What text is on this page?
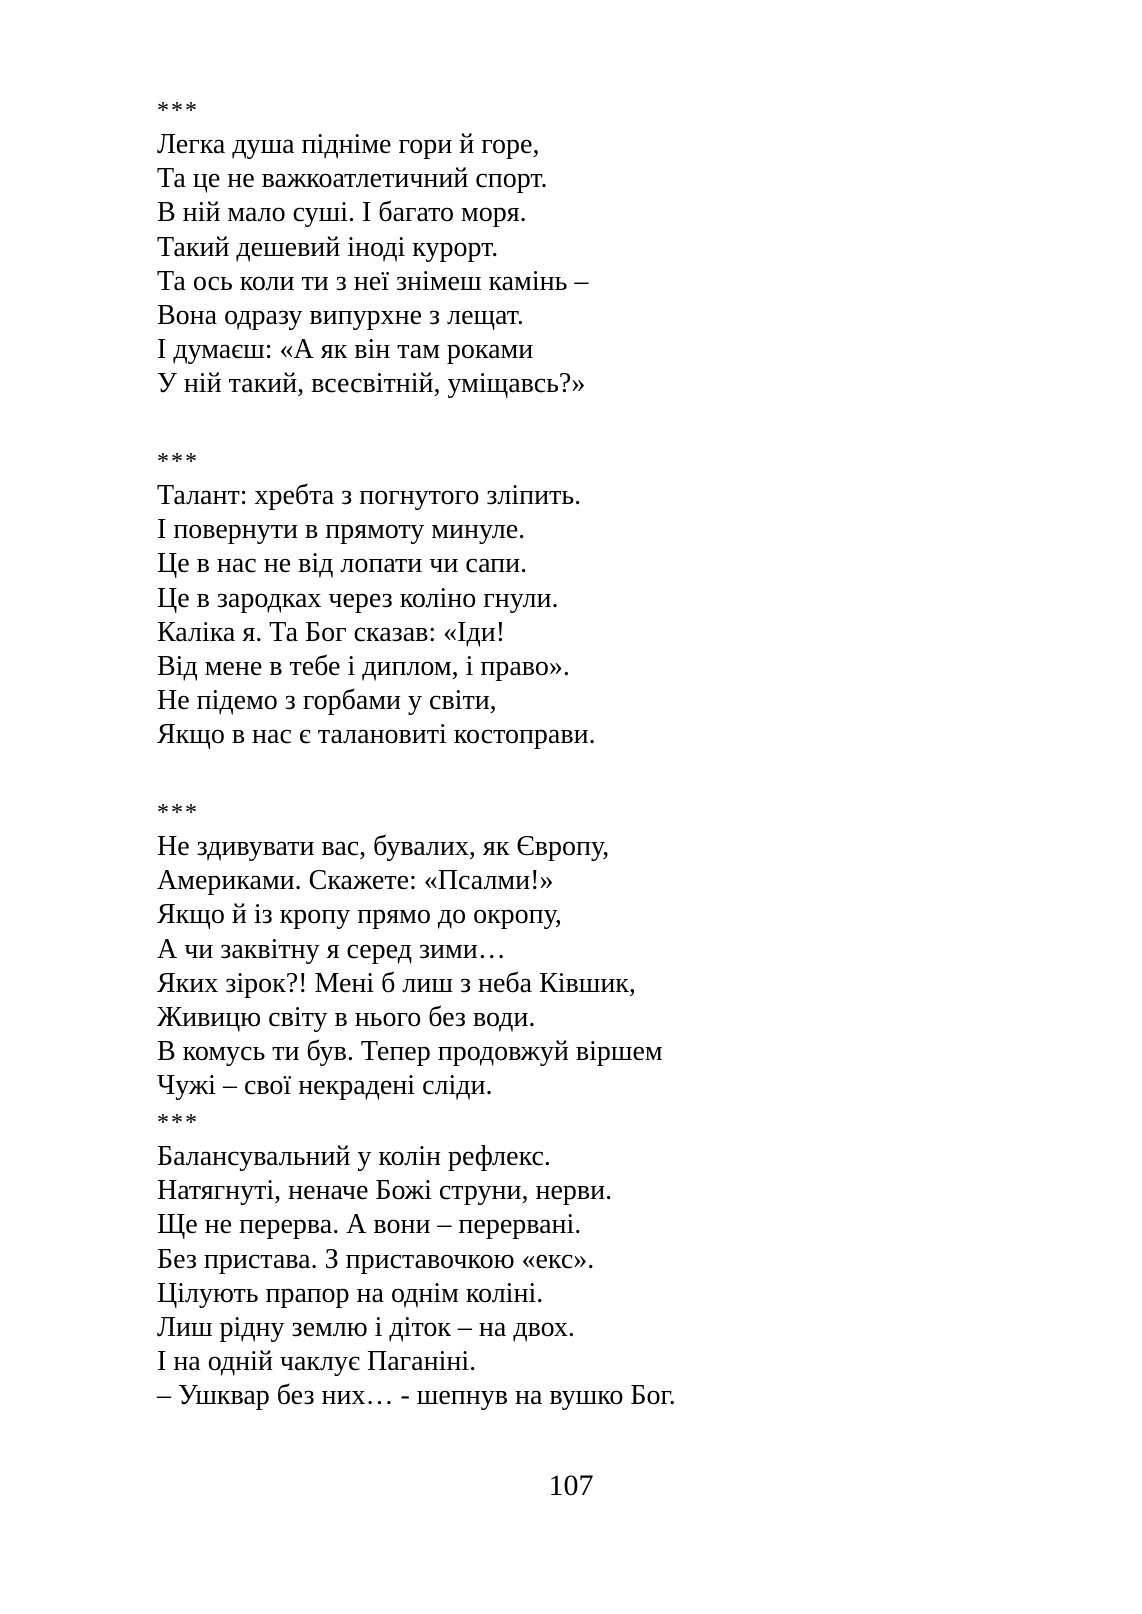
***
Легка душа підніме гори й горе,
Та це не важкоатлетичний спорт.
В ній мало суші. І багато моря.
Такий дешевий іноді курорт.
Та ось коли ти з неї знімеш камінь –
Вона одразу випурхне з лещат.
І думаєш: «А як він там роками
У ній такий, всесвітній, уміщавсь?»
***
Талант: хребта з погнутого зліпить.
І повернути в прямоту минуле.
Це в нас не від лопати чи сапи.
Це в зародках через коліно гнули.
Каліка я. Та Бог сказав: «Іди!
Від мене в тебе і диплом, і право».
Не підемо з горбами у світи,
Якщо в нас є талановиті костоправи.
***
Не здивувати вас, бувалих, як Європу,
Америками. Скажете: «Псалми!»
Якщо й із кропу прямо до окропу,
А чи заквітну я серед зими…
Яких зірок?! Мені б лиш з неба Ківшик,
Живицю світу в нього без води.
В комусь ти був. Тепер продовжуй віршем
Чужі – свої некрадені сліди.
***
Балансувальний у колін рефлекс.
Натягнуті, неначе Божі струни, нерви.
Ще не перерва. А вони – перервані.
Без пристава. З приставочкою «екс».
Цілують прапор на однім коліні.
Лиш рідну землю і діток – на двох.
І на одній чаклує Паганіні.
– Ушквар без них… - шепнув на вушко Бог.
107
